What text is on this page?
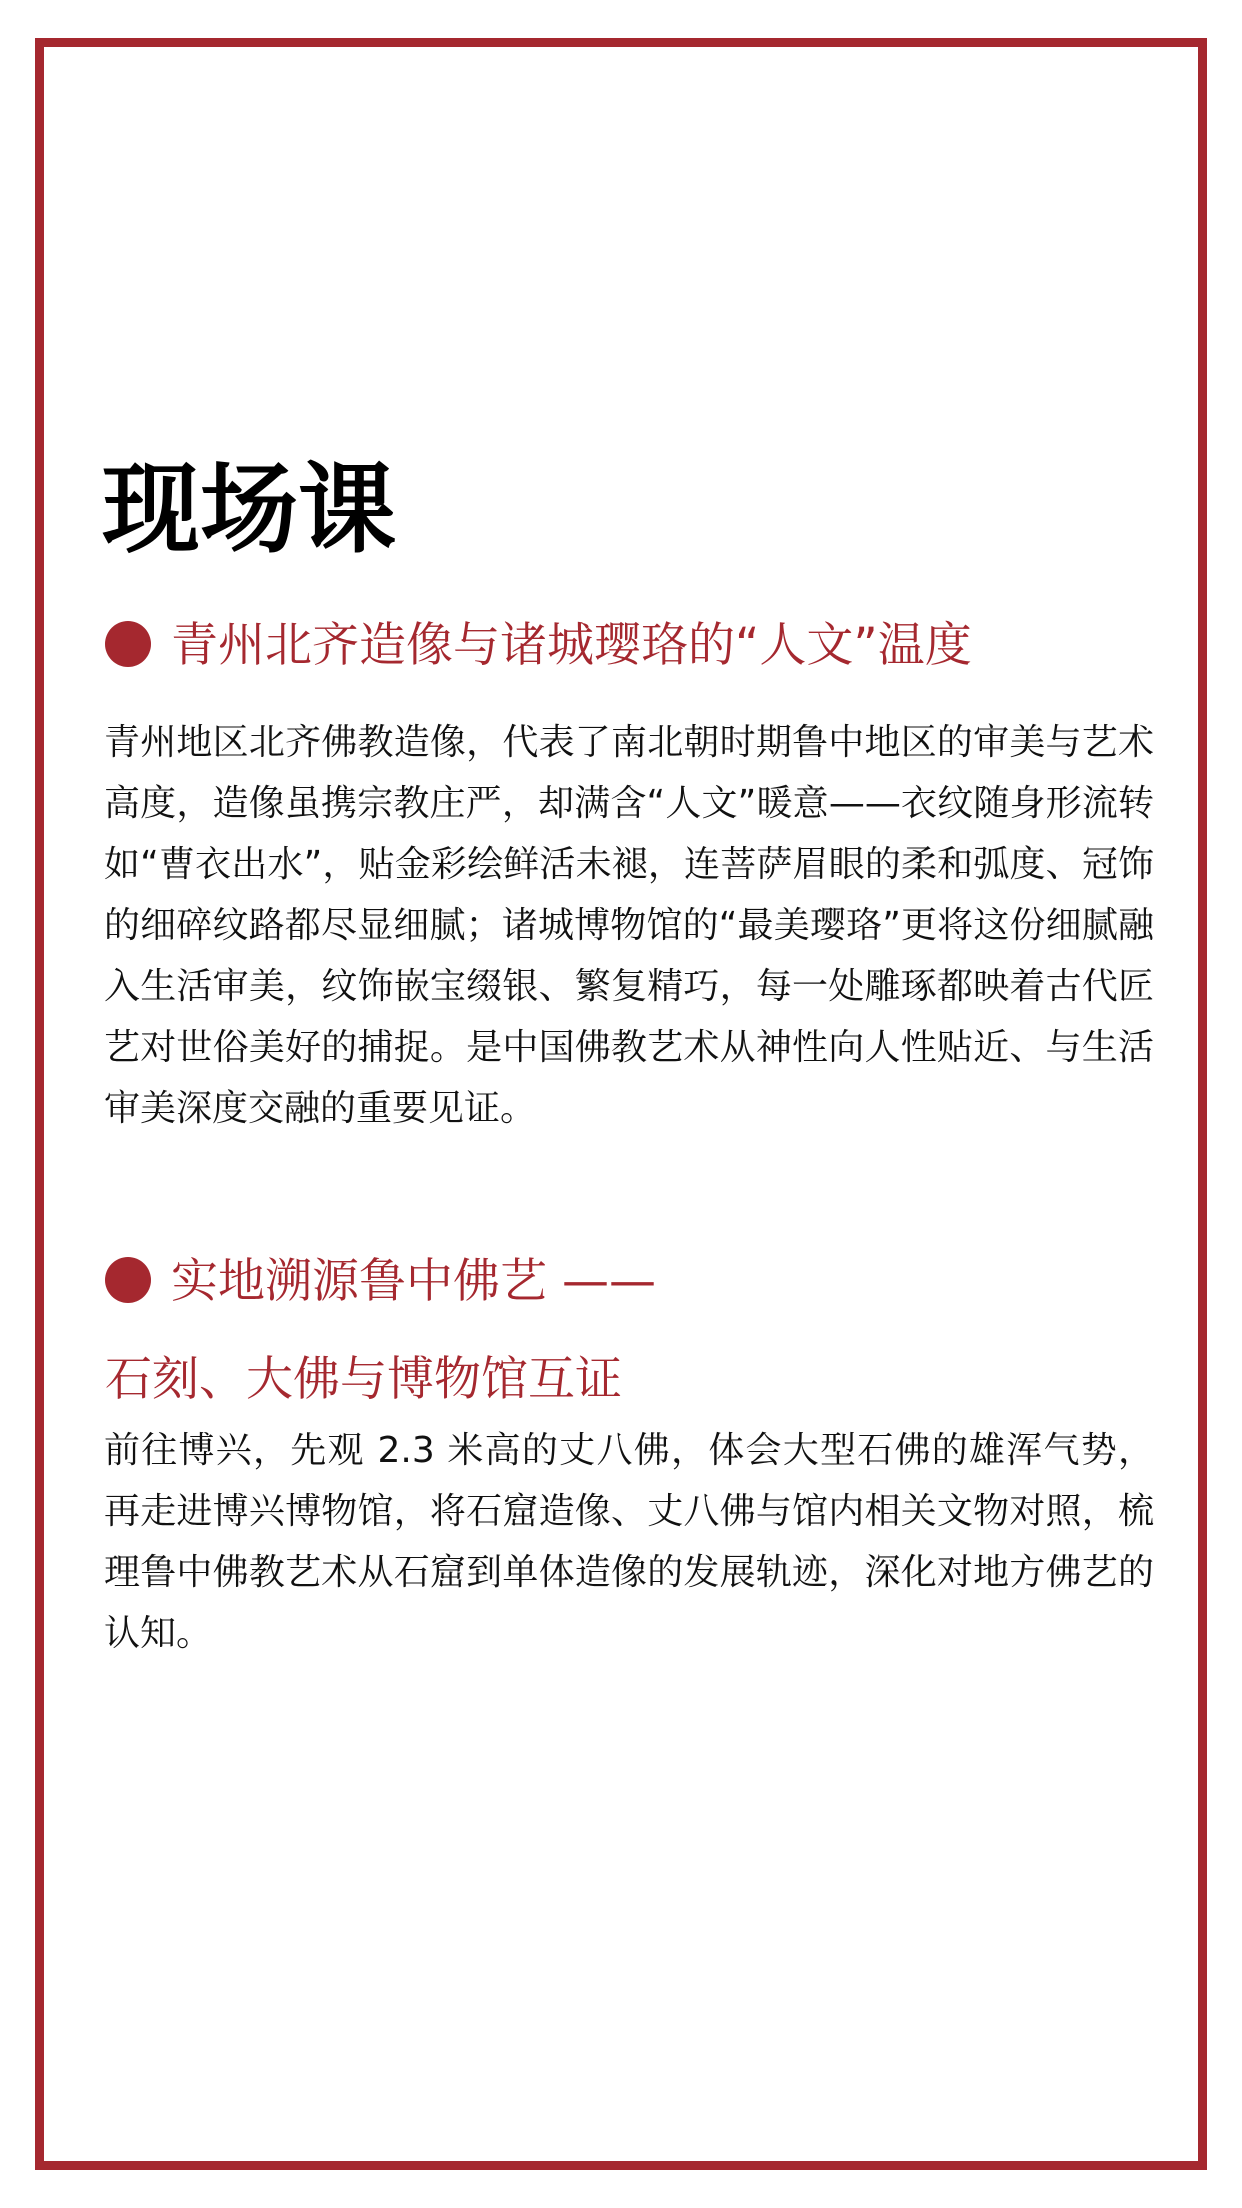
现场课
青州北齐造像与诸城璎珞的“人文”温度

青州地区北齐佛教造像，代表了南北朝时期鲁中地区的审美与艺术高度，造像虽携宗教庄严，却满含“人文”暖意——衣纹随身形流转如“曹衣出水”，贴金彩绘鲜活未褪，连菩萨眉眼的柔和弧度、冠饰的细碎纹路都尽显细腻；诸城博物馆的“最美璎珞”更将这份细腻融入生活审美，纹饰嵌宝缀银、繁复精巧，每一处雕琢都映着古代匠艺对世俗美好的捕捉。是中国佛教艺术从神性向人性贴近、与生活审美深度交融的重要见证。

实地溯源鲁中佛艺 ——
石刻、大佛与博物馆互证

前往博兴，先观 2.3 米高的丈八佛，体会大型石佛的雄浑气势，再走进博兴博物馆，将石窟造像、丈八佛与馆内相关文物对照，梳理鲁中佛教艺术从石窟到单体造像的发展轨迹，深化对地方佛艺的认知。
